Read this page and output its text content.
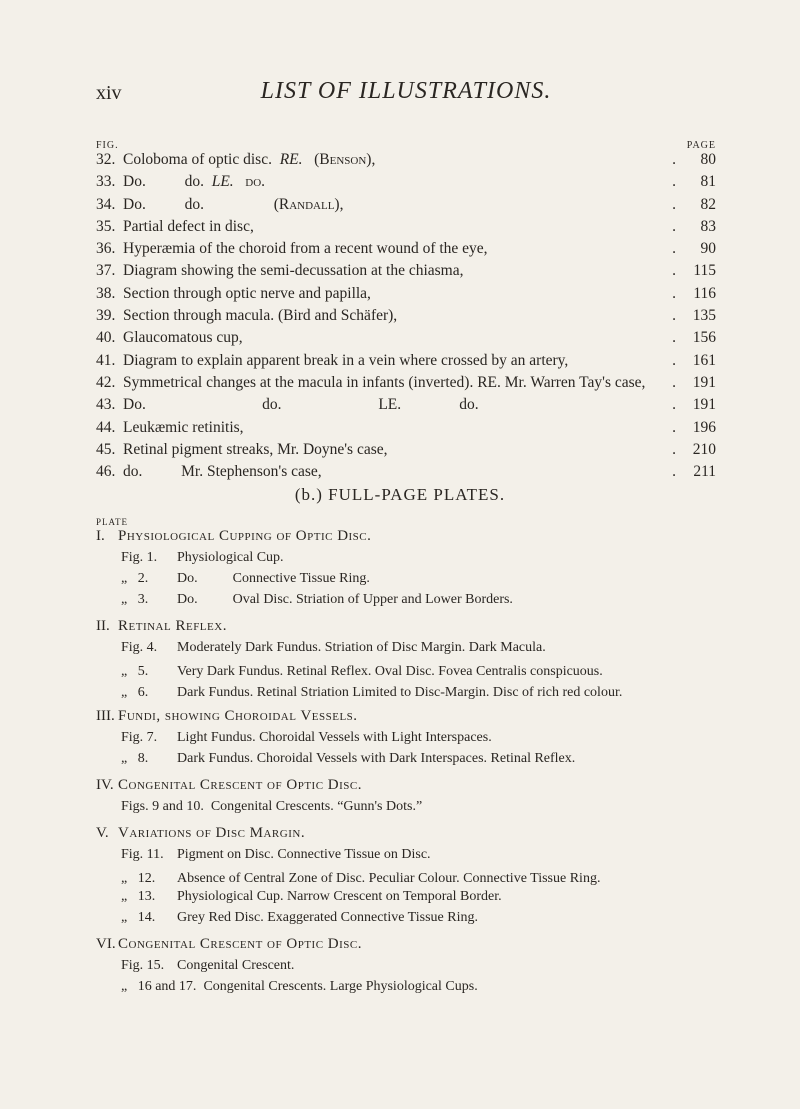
xiv	LIST OF ILLUSTRATIONS.
FIG.	PAGE
32. Coloboma of optic disc.  RE.   (Benson),	.	80
33. Do.          do.  LE.   do.	.	81
34. Do.          do.                  (Randall),	.	82
35. Partial defect in disc,	.	83
36. Hyperæmia of the choroid from a recent wound of the eye,	.	90
37. Diagram showing the semi-decussation at the chiasma,	.	115
38. Section through optic nerve and papilla,	.	116
39. Section through macula. (Bird and Schäfer),	.	135
40. Glaucomatous cup,	.	156
41. Diagram to explain apparent break in a vein where crossed by an artery,	.	161
42. Symmetrical changes at the macula in infants (inverted). RE. Mr. Warren Tay's case, .	191
43. Do.                              do.                         LE.               do.	.	191
44. Leukæmic retinitis,	.	196
45. Retinal pigment streaks, Mr. Doyne's case,	.	210
46. do.          Mr. Stephenson's case,	.	211
(b.) FULL-PAGE PLATES.
PLATE
I. Physiological Cupping of Optic Disc.
Fig. 1. Physiological Cup.
„   2. Do.          Connective Tissue Ring.
„   3. Do.          Oval Disc. Striation of Upper and Lower Borders.
II. Retinal Reflex.
Fig. 4. Moderately Dark Fundus. Striation of Disc Margin. Dark Macula.
„   5. Very Dark Fundus. Retinal Reflex. Oval Disc. Fovea Centralis conspicuous.
„   6. Dark Fundus. Retinal Striation Limited to Disc-Margin. Disc of rich red colour.
III. Fundi, showing Choroidal Vessels.
Fig. 7. Light Fundus. Choroidal Vessels with Light Interspaces.
„   8. Dark Fundus. Choroidal Vessels with Dark Interspaces. Retinal Reflex.
IV. Congenital Crescent of Optic Disc.
Figs. 9 and 10.  Congenital Crescents. “Gunn's Dots.”
V. Variations of Disc Margin.
Fig. 11. Pigment on Disc. Connective Tissue on Disc.
„   12. Absence of Central Zone of Disc. Peculiar Colour. Connective Tissue Ring.
„   13. Physiological Cup. Narrow Crescent on Temporal Border.
„   14. Grey Red Disc. Exaggerated Connective Tissue Ring.
VI. Congenital Crescent of Optic Disc.
Fig. 15. Congenital Crescent.
„   16 and 17.  Congenital Crescents. Large Physiological Cups.
